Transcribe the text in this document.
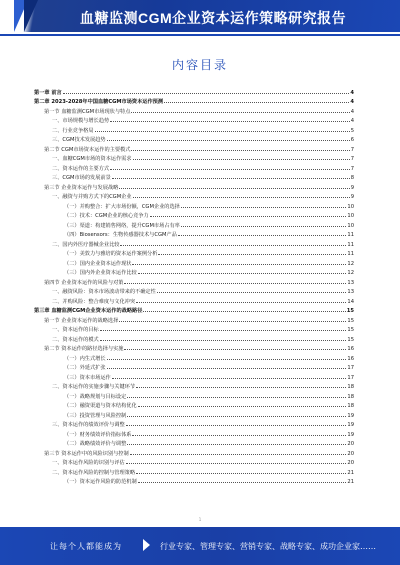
血糖监测CGM企业资本运作策略研究报告
内容目录
第一章 前言	4
第二章 2023-2028年中国血糖CGM市场资本运作预测	4
第一节 血糖监测CGM市场现状与特点	4
一、市场规模与增长趋势	4
二、行业竞争格局	5
三、CGM技术发展趋势	6
第二节 CGM市场资本运作的主要模式	7
一、血糖CGM市场的资本运作需求	7
二、资本运作的主要方式	7
三、CGM市场的发展前景	8
第三节 企业资本运作与发展战略	9
一、融资与并购方式下的CGM企业	9
（一）并购整合：扩大市场份额，CGM企业的选择	10
（二）技术：CGM企业的核心竞争力	10
（三）渠道：构建销售网络，提升CGM市场占有率	10
（四）Biosensors：生物传感器技术与CGM产品	11
二、国内外医疗器械企业比较	11
（一）美敦力与雅培的资本运作案例分析	11
（二）国内企业资本运作现状	12
（三）国内外企业资本运作比较	12
第四节 企业资本运作的风险与对策	13
一、融资风险：资本市场波动带来的不确定性	13
二、并购风险：整合难度与文化冲突	14
第三章 血糖监测CGM企业资本运作的战略路径	15
第一节 企业资本运作的战略选择	15
一、资本运作的目标	15
二、资本运作的模式	15
第二节 资本运作的路径选择与实施	16
（一）内生式增长	16
（二）外延式扩张	17
（三）资本市场运作	17
二、资本运作的实施步骤与关键环节	18
（一）战略规划与目标设定	18
（二）融资渠道与资本结构优化	18
（三）投资管理与风险控制	19
三、资本运作的绩效评价与调整	19
（一）财务绩效评价指标体系	19
（二）战略绩效评价与调整	20
第三节 资本运作中的风险识别与控制	20
一、资本运作风险的识别与评估	20
二、资本运作风险的控制与管理策略	21
（一）资本运作风险的防范机制	21
1
让每个人都能成为	行业专家、管理专家、营销专家、战略专家、成功企业家……
